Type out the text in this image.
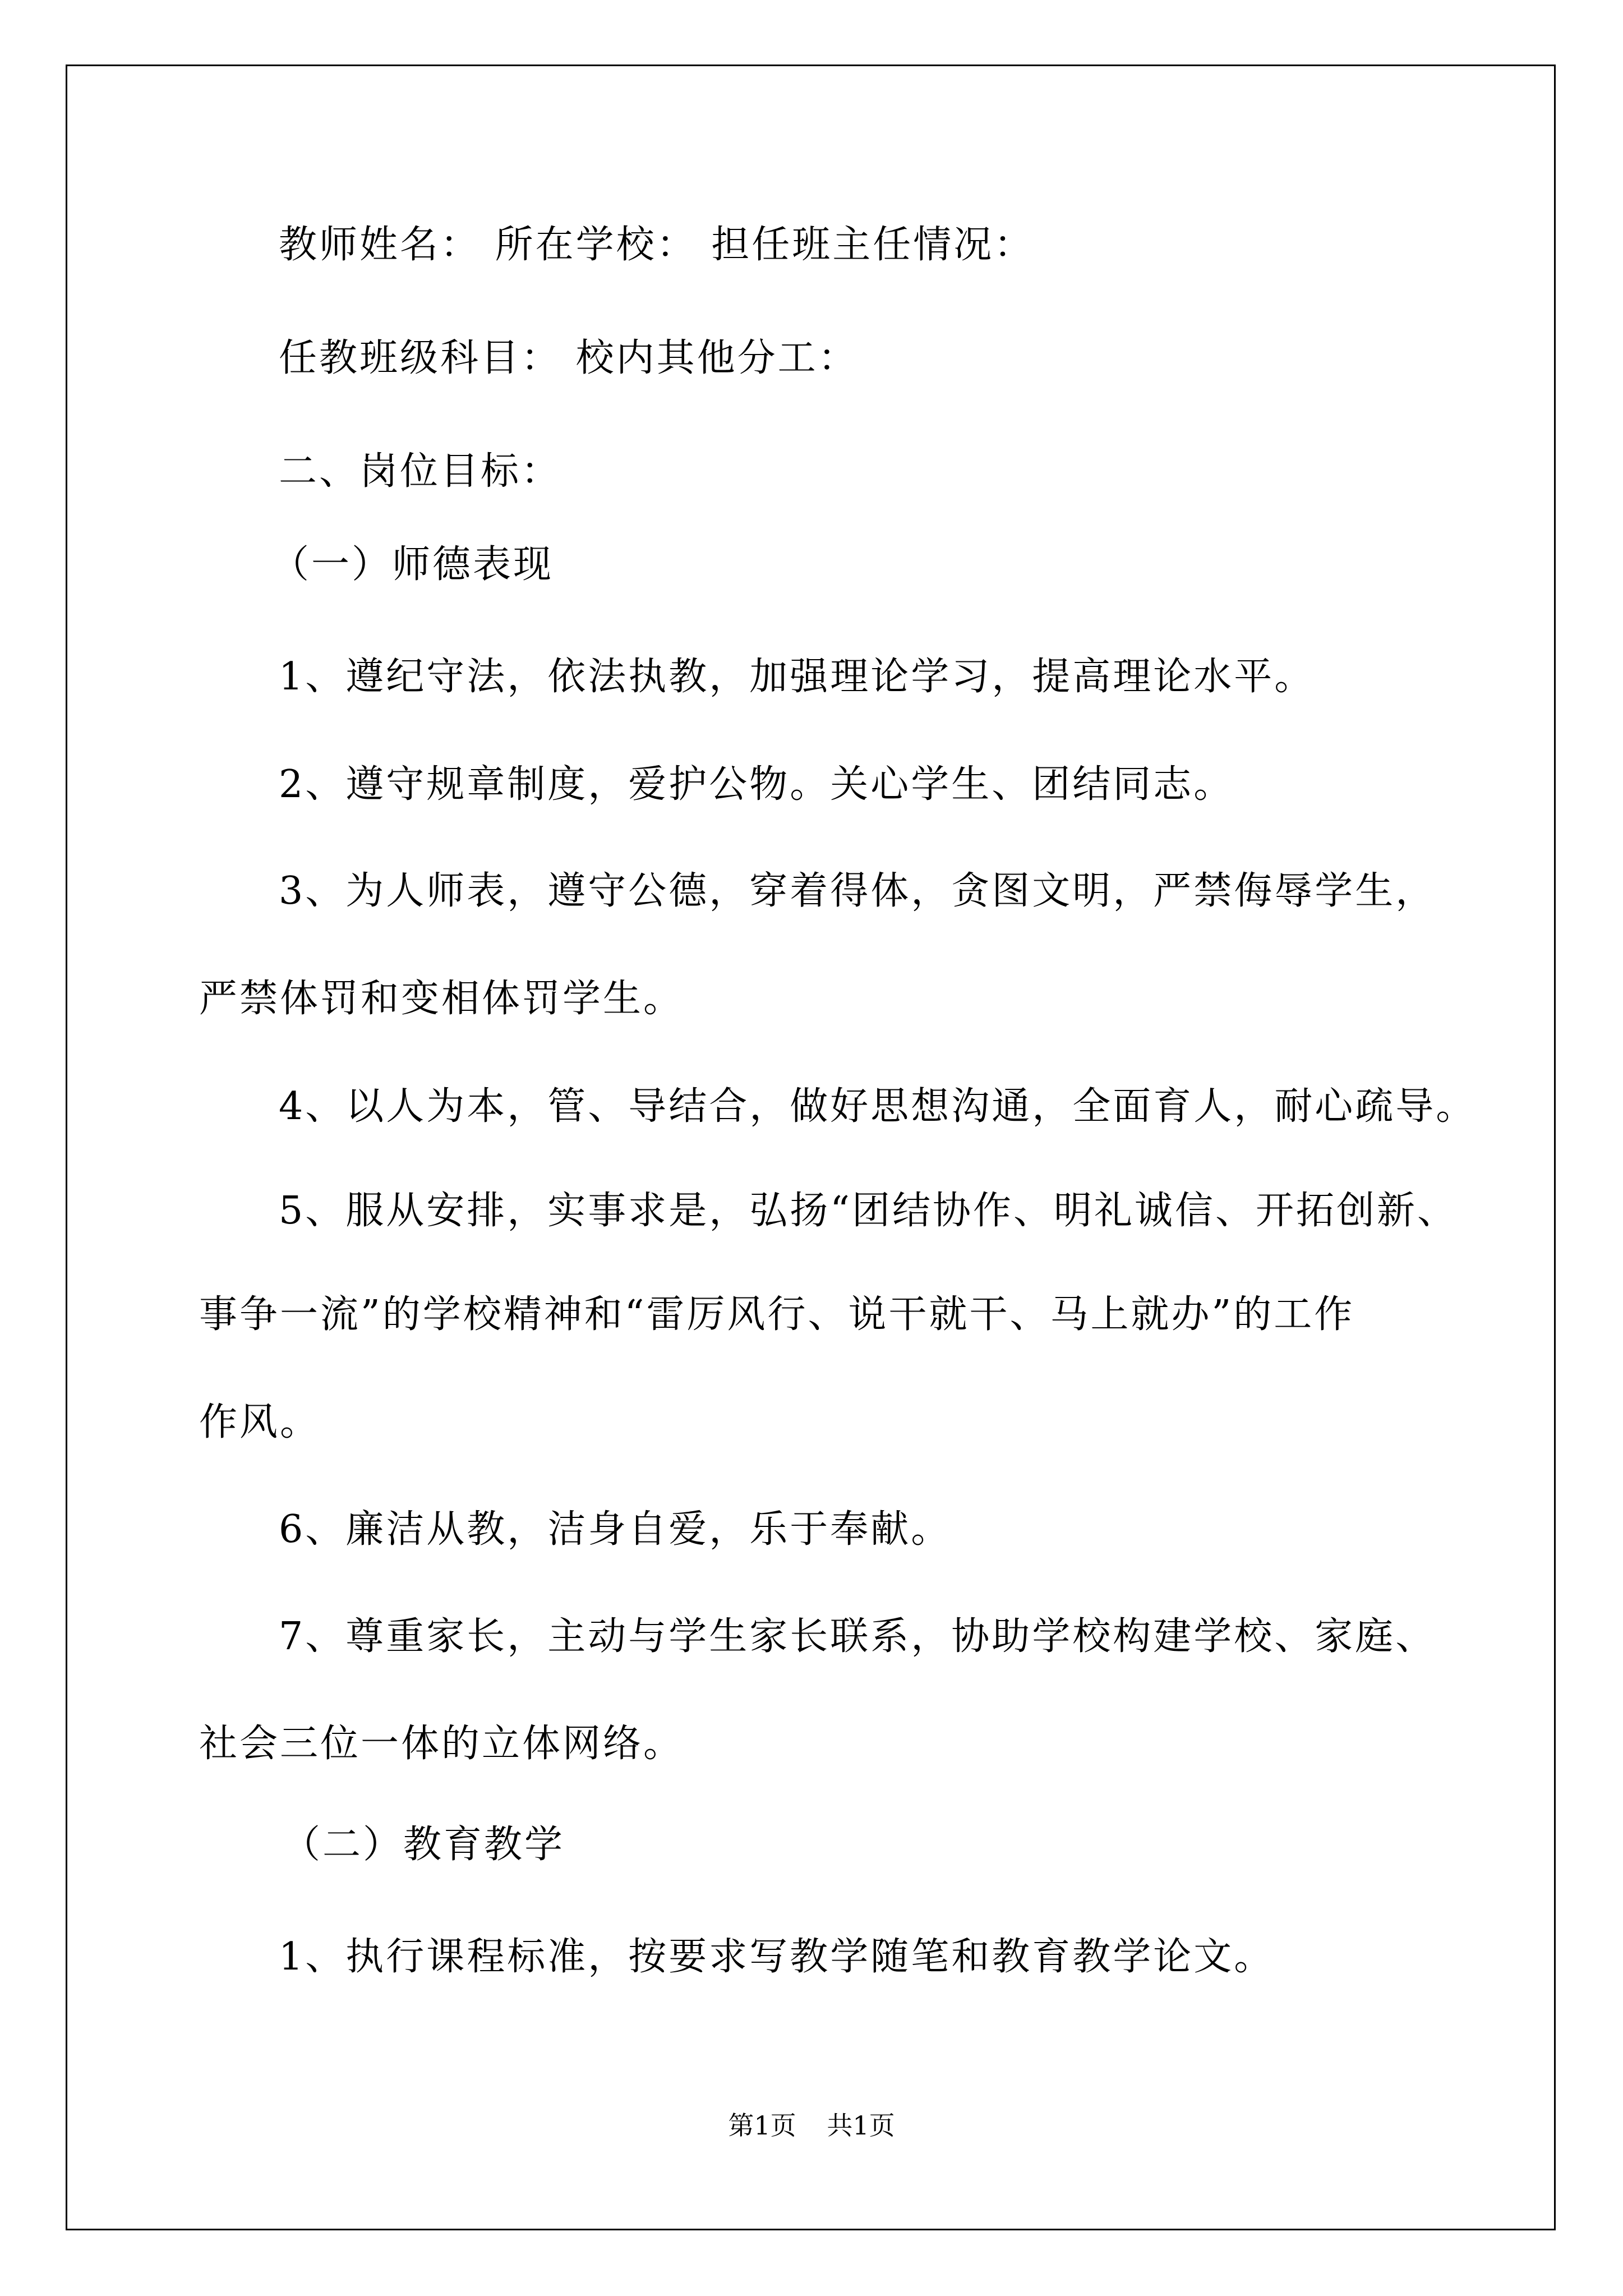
教师姓名： 所在学校： 担任班主任情况：
任教班级科目： 校内其他分工：
二、岗位目标：
（一）师德表现
1、遵纪守法，依法执教，加强理论学习，提高理论水平。
2、遵守规章制度，爱护公物。关心学生、团结同志。
3、为人师表，遵守公德，穿着得体，贪图文明，严禁侮辱学生，
严禁体罚和变相体罚学生。
4、以人为本，管、导结合，做好思想沟通，全面育人，耐心疏导。
5、服从安排，实事求是，弘扬“团结协作、明礼诚信、开拓创新、
事争一流”的学校精神和“雷厉风行、说干就干、马上就办”的工作
作风。
6、廉洁从教，洁身自爱，乐于奉献。
7、尊重家长，主动与学生家长联系，协助学校构建学校、家庭、
社会三位一体的立体网络。
（二）教育教学
1、执行课程标准，按要求写教学随笔和教育教学论文。
第1页 共1页
